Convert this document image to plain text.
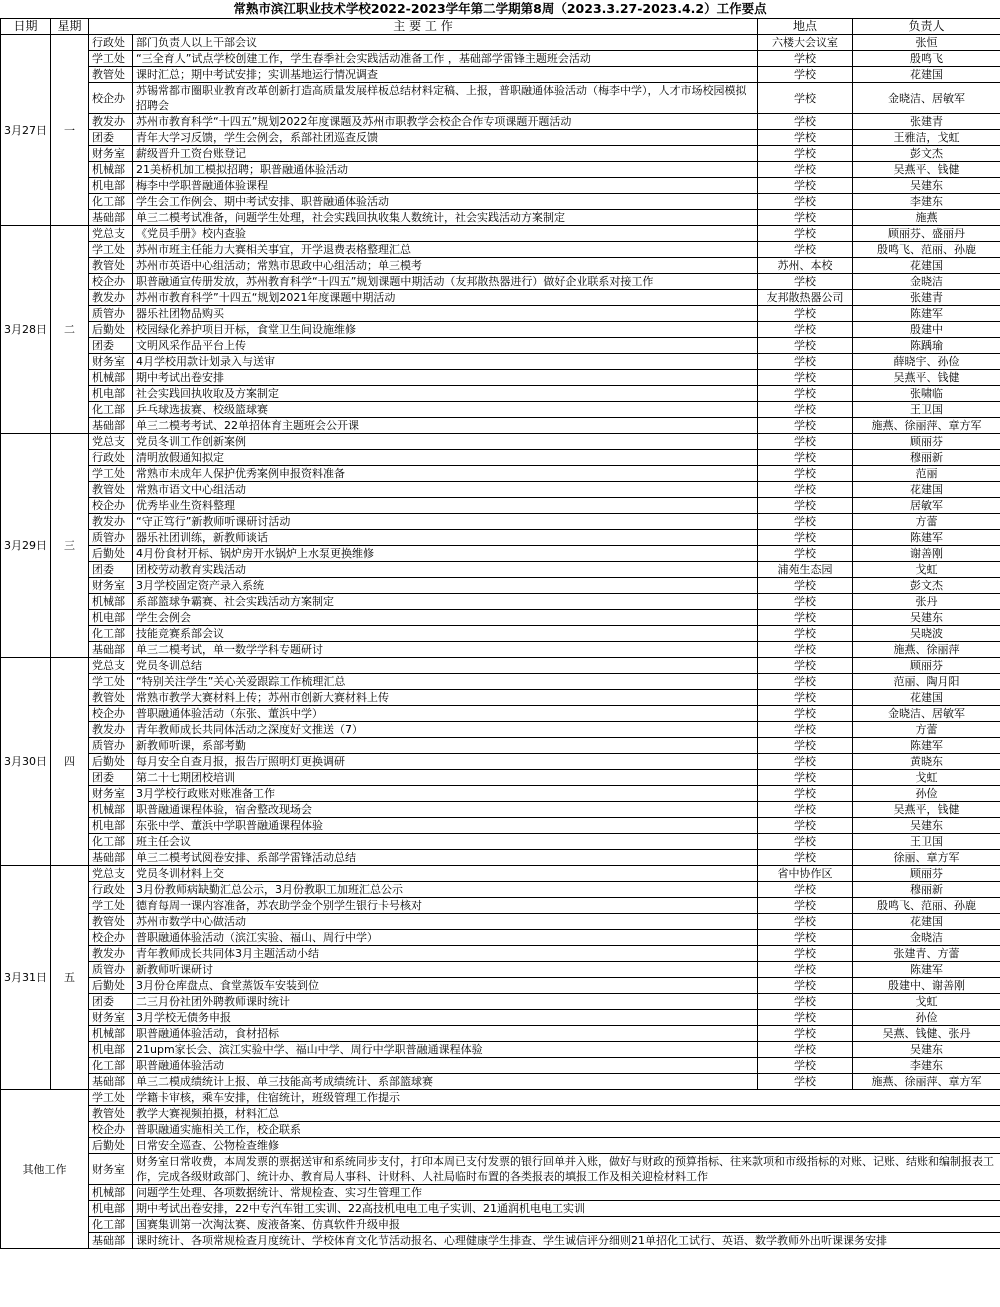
常熟市滨江职业技术学校2022-2023学年第二学期第8周（2023.3.27-2023.4.2）工作要点
日期	星期	主 要 工 作		地点	负责人
3月27日	一	行政处	部门负责人以上干部会议	六楼大会议室	张恒
		学工处	“三全育人”试点学校创建工作，学生春季社会实践活动准备工作 ，基础部学雷锋主题班会活动	学校	殷鸣飞
		教管处	课时汇总；期中考试安排；实训基地运行情况调查	学校	花建国
		校企办	苏锡常都市圈职业教育改革创新打造高质量发展样板总结材料定稿、上报，普职融通体验活动（梅李中学），人才市场校园模拟招聘会	学校	金晓洁、居敏军
		教发办	苏州市教育科学“十四五”规划2022年度课题及苏州市职教学会校企合作专项课题开题活动	学校	张建青
		团委	青年大学习反馈，学生会例会，系部社团巡查反馈	学校	王雅洁，戈虹
		财务室	薪级晋升工资台账登记	学校	彭文杰
		机械部	21美桥机加工模拟招聘；职普融通体验活动	学校	吴燕平、钱健
		机电部	梅李中学职普融通体验课程	学校	吴建东
		化工部	学生会工作例会、期中考试安排、职普融通体验活动	学校	李建东
		基础部	单三二模考试准备，问题学生处理，社会实践回执收集人数统计，社会实践活动方案制定	学校	施燕
3月28日	二	党总支	《党员手册》校内查验	学校	顾丽芬、盛丽丹
		学工处	苏州市班主任能力大赛相关事宜，开学退费表格整理汇总	学校	殷鸣飞、范丽、孙鹿
		教管处	苏州市英语中心组活动；常熟市思政中心组活动；单三模考	苏州、本校	花建国
		校企办	职普融通宣传册发放，苏州教育科学“十四五”规划课题中期活动（友邦散热器进行）做好企业联系对接工作	学校	金晓洁
		教发办	苏州市教育科学”十四五“规划2021年度课题中期活动	友邦散热器公司	张建青
		质管办	器乐社团物品购买	学校	陈建军
		后勤处	校园绿化养护项目开标，食堂卫生间设施维修	学校	殷建中
		团委	文明风采作品平台上传	学校	陈踽瑜
		财务室	4月学校用款计划录入与送审	学校	薛晓宇、孙俭
		机械部	期中考试出卷安排	学校	吴燕平、钱健
		机电部	社会实践回执收取及方案制定	学校	张啸临
		化工部	乒乓球选拔赛、校级篮球赛	学校	王卫国
		基础部	单三二模考考试、22单招体育主题班会公开课	学校	施燕、徐丽萍、章方军
3月29日	三	党总支	党员冬训工作创新案例	学校	顾丽芬
		行政处	清明放假通知拟定	学校	穆丽新
		学工处	常熟市未成年人保护优秀案例申报资料准备	学校	范丽
		教管处	常熟市语文中心组活动	学校	花建国
		校企办	优秀毕业生资料整理	学校	居敏军
		教发办	“守正笃行”新教师听课研讨活动	学校	方蕾
		质管办	器乐社团训练，新教师谈话	学校	陈建军
		后勤处	4月份食材开标、锅炉房开水锅炉上水泵更换维修	学校	谢善刚
		团委	团校劳动教育实践活动	浦苑生态园	戈虹
		财务室	3月学校固定资产录入系统	学校	彭文杰
		机械部	系部篮球争霸赛、社会实践活动方案制定	学校	张丹
		机电部	学生会例会	学校	吴建东
		化工部	技能竞赛系部会议	学校	吴晓波
		基础部	单三二模考试，单一数学学科专题研讨	学校	施燕、徐丽萍
3月30日	四	党总支	党员冬训总结	学校	顾丽芬
		学工处	“特别关注学生”关心关爱跟踪工作梳理汇总	学校	范丽、陶月阳
		教管处	常熟市教学大赛材料上传；苏州市创新大赛材料上传	学校	花建国
		校企办	普职融通体验活动（东张、董浜中学）	学校	金晓洁、居敏军
		教发办	青年教师成长共同体活动之深度好文推送（7）	学校	方蕾
		质管办	新教师听课，系部考勤	学校	陈建军
		后勤处	每月安全自查月报，报告厅照明灯更换调研	学校	黄晓东
		团委	第二十七期团校培训	学校	戈虹
		财务室	3月学校行政账对账准备工作	学校	孙俭
		机械部	职普融通课程体验，宿舍整改现场会	学校	吴燕平，钱健
		机电部	东张中学、董浜中学职普融通课程体验	学校	吴建东
		化工部	班主任会议	学校	王卫国
		基础部	单三二模考试阅卷安排、系部学雷锋活动总结	学校	徐丽、章方军
3月31日	五	党总支	党员冬训材料上交	省中协作区	顾丽芬
		行政处	3月份教师病缺勤汇总公示，3月份教职工加班汇总公示	学校	穆丽新
		学工处	德育每周一课内容准备，苏农助学金个别学生银行卡号核对	学校	殷鸣飞、范丽、孙鹿
		教管处	苏州市数学中心做活动	学校	花建国
		校企办	普职融通体验活动（滨江实验、福山、周行中学）	学校	金晓洁
		教发办	青年教师成长共同体3月主题活动小结	学校	张建青、方蕾
		质管办	新教师听课研讨	学校	陈建军
		后勤处	3月份仓库盘点、食堂蒸饭车安装到位	学校	殷建中、谢善刚
		团委	二三月份社团外聘教师课时统计	学校	戈虹
		财务室	3月学校无债务申报	学校	孙俭
		机械部	职普融通体验活动，食材招标	学校	吴燕、钱健、张丹
		机电部	21upm家长会、滨江实验中学、福山中学、周行中学职普融通课程体验	学校	吴建东
		化工部	职普融通体验活动	学校	李建东
		基础部	单三二模成绩统计上报、单三技能高考成绩统计、系部篮球赛	学校	施燕、徐丽萍、章方军
其他工作		学工处	学籍卡审核，乘车安排，住宿统计，班级管理工作提示		
		教管处	教学大赛视频拍摄，材料汇总		
		校企办	普职融通实施相关工作，校企联系		
		后勤处	日常安全巡查、公物检查维修		
		财务室	财务室日常收费，本周发票的票据送审和系统同步支付，打印本周已支付发票的银行回单并入账，做好与财政的预算指标、往来款项和市级指标的对账、记账、结账和编制报表工作，完成各级财政部门、统计办、教育局人事科、计财科、人社局临时布置的各类报表的填报工作及相关迎检材料工作		
		机械部	问题学生处理、各项数据统计、常规检查、实习生管理工作		
		机电部	期中考试出卷安排，22中专汽车钳工实训、22高技机电电工电子实训、21通润机电电工实训		
		化工部	国赛集训第一次淘汰赛、废液备案、仿真软件升级申报		
		基础部	课时统计、各项常规检查月度统计、学校体育文化节活动报名、心理健康学生排查、学生诚信评分细则21单招化工试行、英语、数学教师外出听课课务安排		
